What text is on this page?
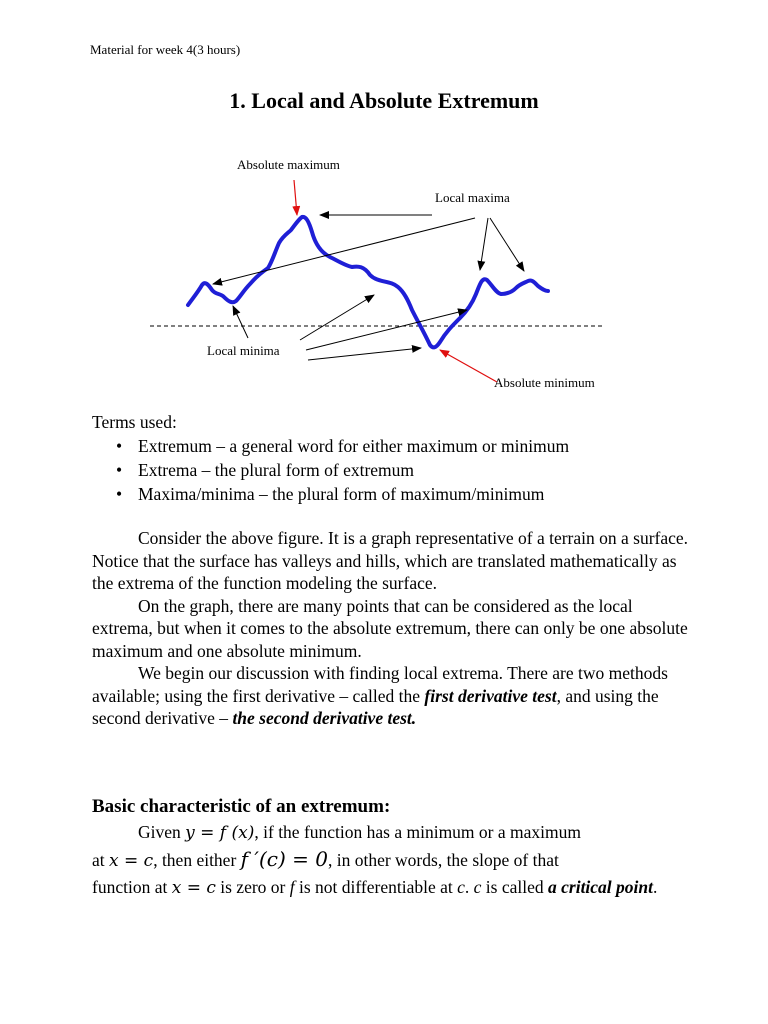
Material for week 4(3 hours)
1. Local and Absolute Extremum
Absolute maximum
Local maxima
Local minima
Absolute minimum
Terms used:
• Extremum – a general word for either maximum or minimum
• Extrema – the plural form of extremum
• Maxima/minima – the plural form of maximum/minimum

Consider the above figure. It is a graph representative of a terrain on a surface. Notice that the surface has valleys and hills, which are translated mathematically as the extrema of the function modeling the surface.

On the graph, there are many points that can be considered as the local extrema, but when it comes to the absolute extremum, there can only be one absolute maximum and one absolute minimum.

We begin our discussion with finding local extrema. There are two methods available; using the first derivative – called the first derivative test, and using the second derivative – the second derivative test.

Basic characteristic of an extremum:

Given y = f (x), if the function has a minimum or a maximum

at x = c, then either f ′(c) = 0, in other words, the slope of that

function at x = c is zero or f is not differentiable at c. c is called a critical point.
